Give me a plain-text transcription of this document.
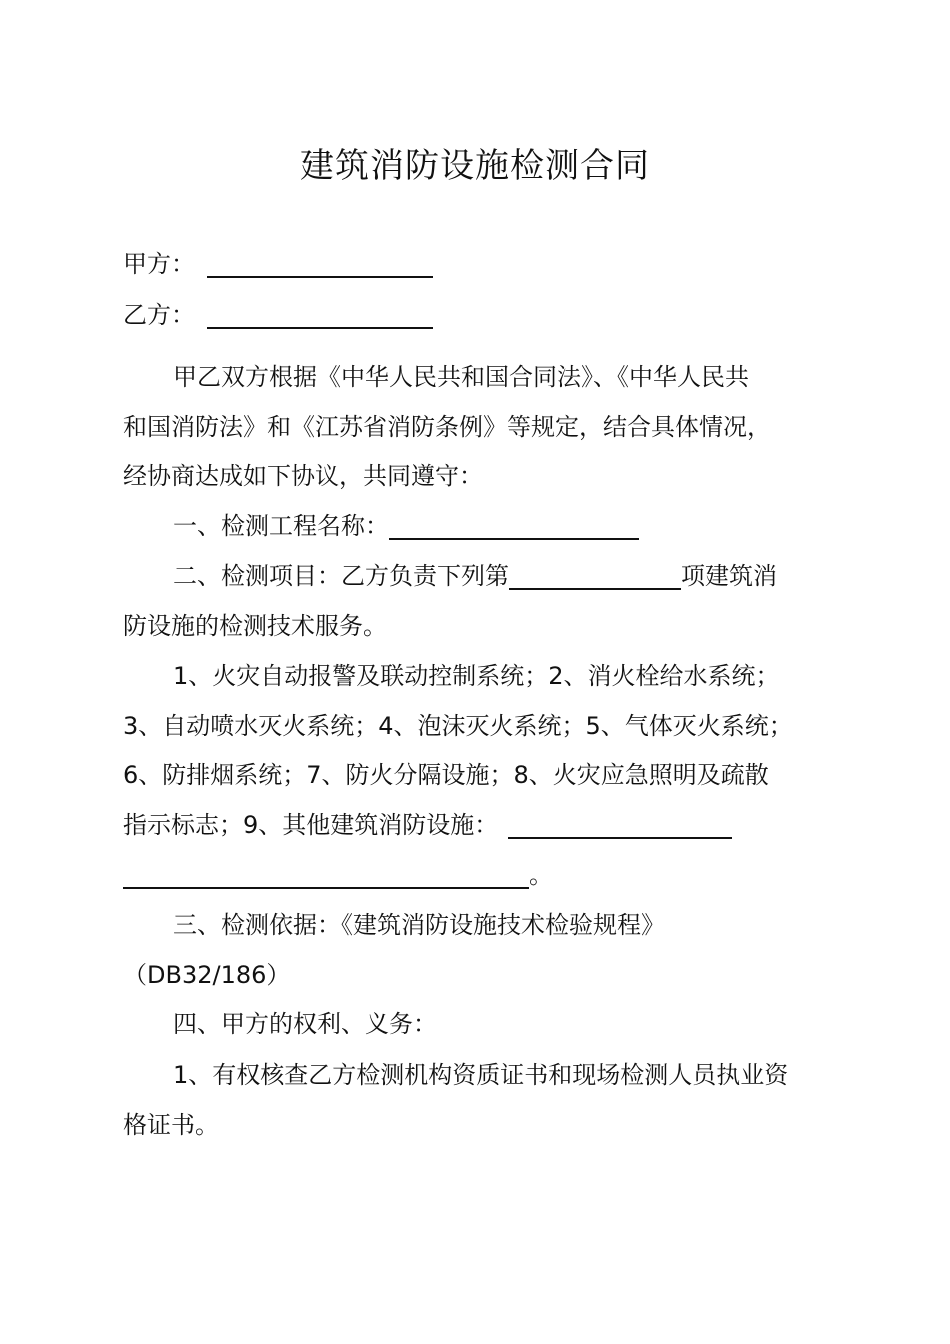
建筑消防设施检测合同
甲方：
乙方：
甲乙双方根据《中华人民共和国合同法》、《中华人民共
和国消防法》和《江苏省消防条例》等规定，结合具体情况，
经协商达成如下协议，共同遵守：
一、检测工程名称：
二、检测项目：乙方负责下列第	项建筑消
防设施的检测技术服务。
1、火灾自动报警及联动控制系统；2、消火栓给水系统；
3、自动喷水灭火系统；4、泡沫灭火系统；5、气体灭火系统；
6、防排烟系统；7、防火分隔设施；8、火灾应急照明及疏散
指示标志；9、其他建筑消防设施：
。
三、检测依据：《建筑消防设施技术检验规程》
（DB32/186）
四、甲方的权利、义务：
1、有权核查乙方检测机构资质证书和现场检测人员执业资
格证书。
